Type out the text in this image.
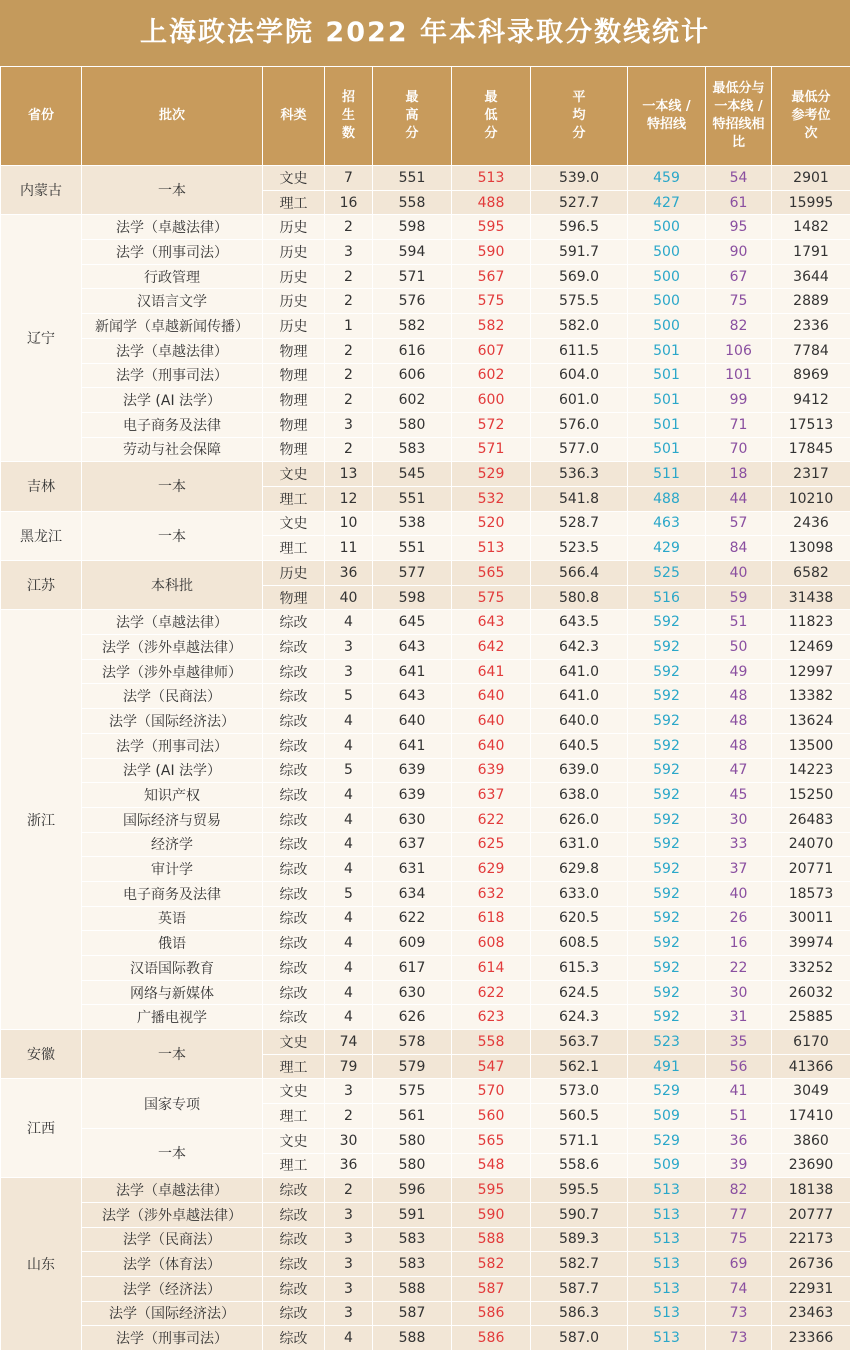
上海政法学院 2022 年本科录取分数线统计
省份	批次	科类	招生数	最高分	最低分	平均分	一本线 / 特招线	最低分与一本线 / 特招线相比	最低分参考位次
内蒙古	一本	文史	7	551	513	539.0	459	54	2901
		理工	16	558	488	527.7	427	61	15995
辽宁	法学（卓越法律）	历史	2	598	595	596.5	500	95	1482
	法学（刑事司法）	历史	3	594	590	591.7	500	90	1791
	行政管理	历史	2	571	567	569.0	500	67	3644
	汉语言文学	历史	2	576	575	575.5	500	75	2889
	新闻学（卓越新闻传播）	历史	1	582	582	582.0	500	82	2336
	法学（卓越法律）	物理	2	616	607	611.5	501	106	7784
	法学（刑事司法）	物理	2	606	602	604.0	501	101	8969
	法学 (AI 法学）	物理	2	602	600	601.0	501	99	9412
	电子商务及法律	物理	3	580	572	576.0	501	71	17513
	劳动与社会保障	物理	2	583	571	577.0	501	70	17845
吉林	一本	文史	13	545	529	536.3	511	18	2317
		理工	12	551	532	541.8	488	44	10210
黑龙江	一本	文史	10	538	520	528.7	463	57	2436
		理工	11	551	513	523.5	429	84	13098
江苏	本科批	历史	36	577	565	566.4	525	40	6582
		物理	40	598	575	580.8	516	59	31438
浙江	法学（卓越法律）	综改	4	645	643	643.5	592	51	11823
	法学（涉外卓越法律）	综改	3	643	642	642.3	592	50	12469
	法学（涉外卓越律师）	综改	3	641	641	641.0	592	49	12997
	法学（民商法）	综改	5	643	640	641.0	592	48	13382
	法学（国际经济法）	综改	4	640	640	640.0	592	48	13624
	法学（刑事司法）	综改	4	641	640	640.5	592	48	13500
	法学 (AI 法学）	综改	5	639	639	639.0	592	47	14223
	知识产权	综改	4	639	637	638.0	592	45	15250
	国际经济与贸易	综改	4	630	622	626.0	592	30	26483
	经济学	综改	4	637	625	631.0	592	33	24070
	审计学	综改	4	631	629	629.8	592	37	20771
	电子商务及法律	综改	5	634	632	633.0	592	40	18573
	英语	综改	4	622	618	620.5	592	26	30011
	俄语	综改	4	609	608	608.5	592	16	39974
	汉语国际教育	综改	4	617	614	615.3	592	22	33252
	网络与新媒体	综改	4	630	622	624.5	592	30	26032
	广播电视学	综改	4	626	623	624.3	592	31	25885
安徽	一本	文史	74	578	558	563.7	523	35	6170
		理工	79	579	547	562.1	491	56	41366
江西	国家专项	文史	3	575	570	573.0	529	41	3049
		理工	2	561	560	560.5	509	51	17410
	一本	文史	30	580	565	571.1	529	36	3860
		理工	36	580	548	558.6	509	39	23690
山东	法学（卓越法律）	综改	2	596	595	595.5	513	82	18138
	法学（涉外卓越法律）	综改	3	591	590	590.7	513	77	20777
	法学（民商法）	综改	3	583	588	589.3	513	75	22173
	法学（体育法）	综改	3	583	582	582.7	513	69	26736
	法学（经济法）	综改	3	588	587	587.7	513	74	22931
	法学（国际经济法）	综改	3	587	586	586.3	513	73	23463
	法学（刑事司法）	综改	4	588	586	587.0	513	73	23366
